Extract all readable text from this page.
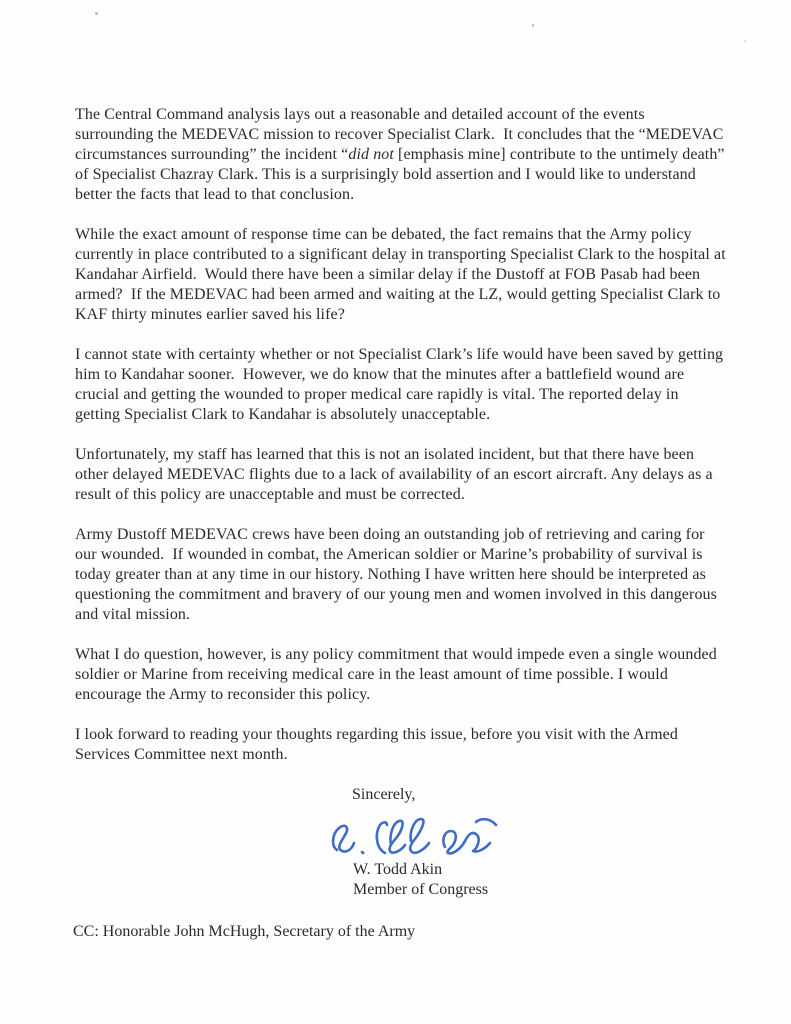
The Central Command analysis lays out a reasonable and detailed account of the events surrounding the MEDEVAC mission to recover Specialist Clark.  It concludes that the “MEDEVAC circumstances surrounding” the incident “did not [emphasis mine] contribute to the untimely death” of Specialist Chazray Clark. This is a surprisingly bold assertion and I would like to understand better the facts that lead to that conclusion.

While the exact amount of response time can be debated, the fact remains that the Army policy currently in place contributed to a significant delay in transporting Specialist Clark to the hospital at Kandahar Airfield.  Would there have been a similar delay if the Dustoff at FOB Pasab had been armed?  If the MEDEVAC had been armed and waiting at the LZ, would getting Specialist Clark to KAF thirty minutes earlier saved his life?

I cannot state with certainty whether or not Specialist Clark’s life would have been saved by getting him to Kandahar sooner.  However, we do know that the minutes after a battlefield wound are crucial and getting the wounded to proper medical care rapidly is vital. The reported delay in getting Specialist Clark to Kandahar is absolutely unacceptable.

Unfortunately, my staff has learned that this is not an isolated incident, but that there have been other delayed MEDEVAC flights due to a lack of availability of an escort aircraft. Any delays as a result of this policy are unacceptable and must be corrected.

Army Dustoff MEDEVAC crews have been doing an outstanding job of retrieving and caring for our wounded.  If wounded in combat, the American soldier or Marine’s probability of survival is today greater than at any time in our history. Nothing I have written here should be interpreted as questioning the commitment and bravery of our young men and women involved in this dangerous and vital mission.

What I do question, however, is any policy commitment that would impede even a single wounded soldier or Marine from receiving medical care in the least amount of time possible. I would encourage the Army to reconsider this policy.

I look forward to reading your thoughts regarding this issue, before you visit with the Armed Services Committee next month.

Sincerely,
W. Todd Akin
Member of Congress
CC: Honorable John McHugh, Secretary of the Army
